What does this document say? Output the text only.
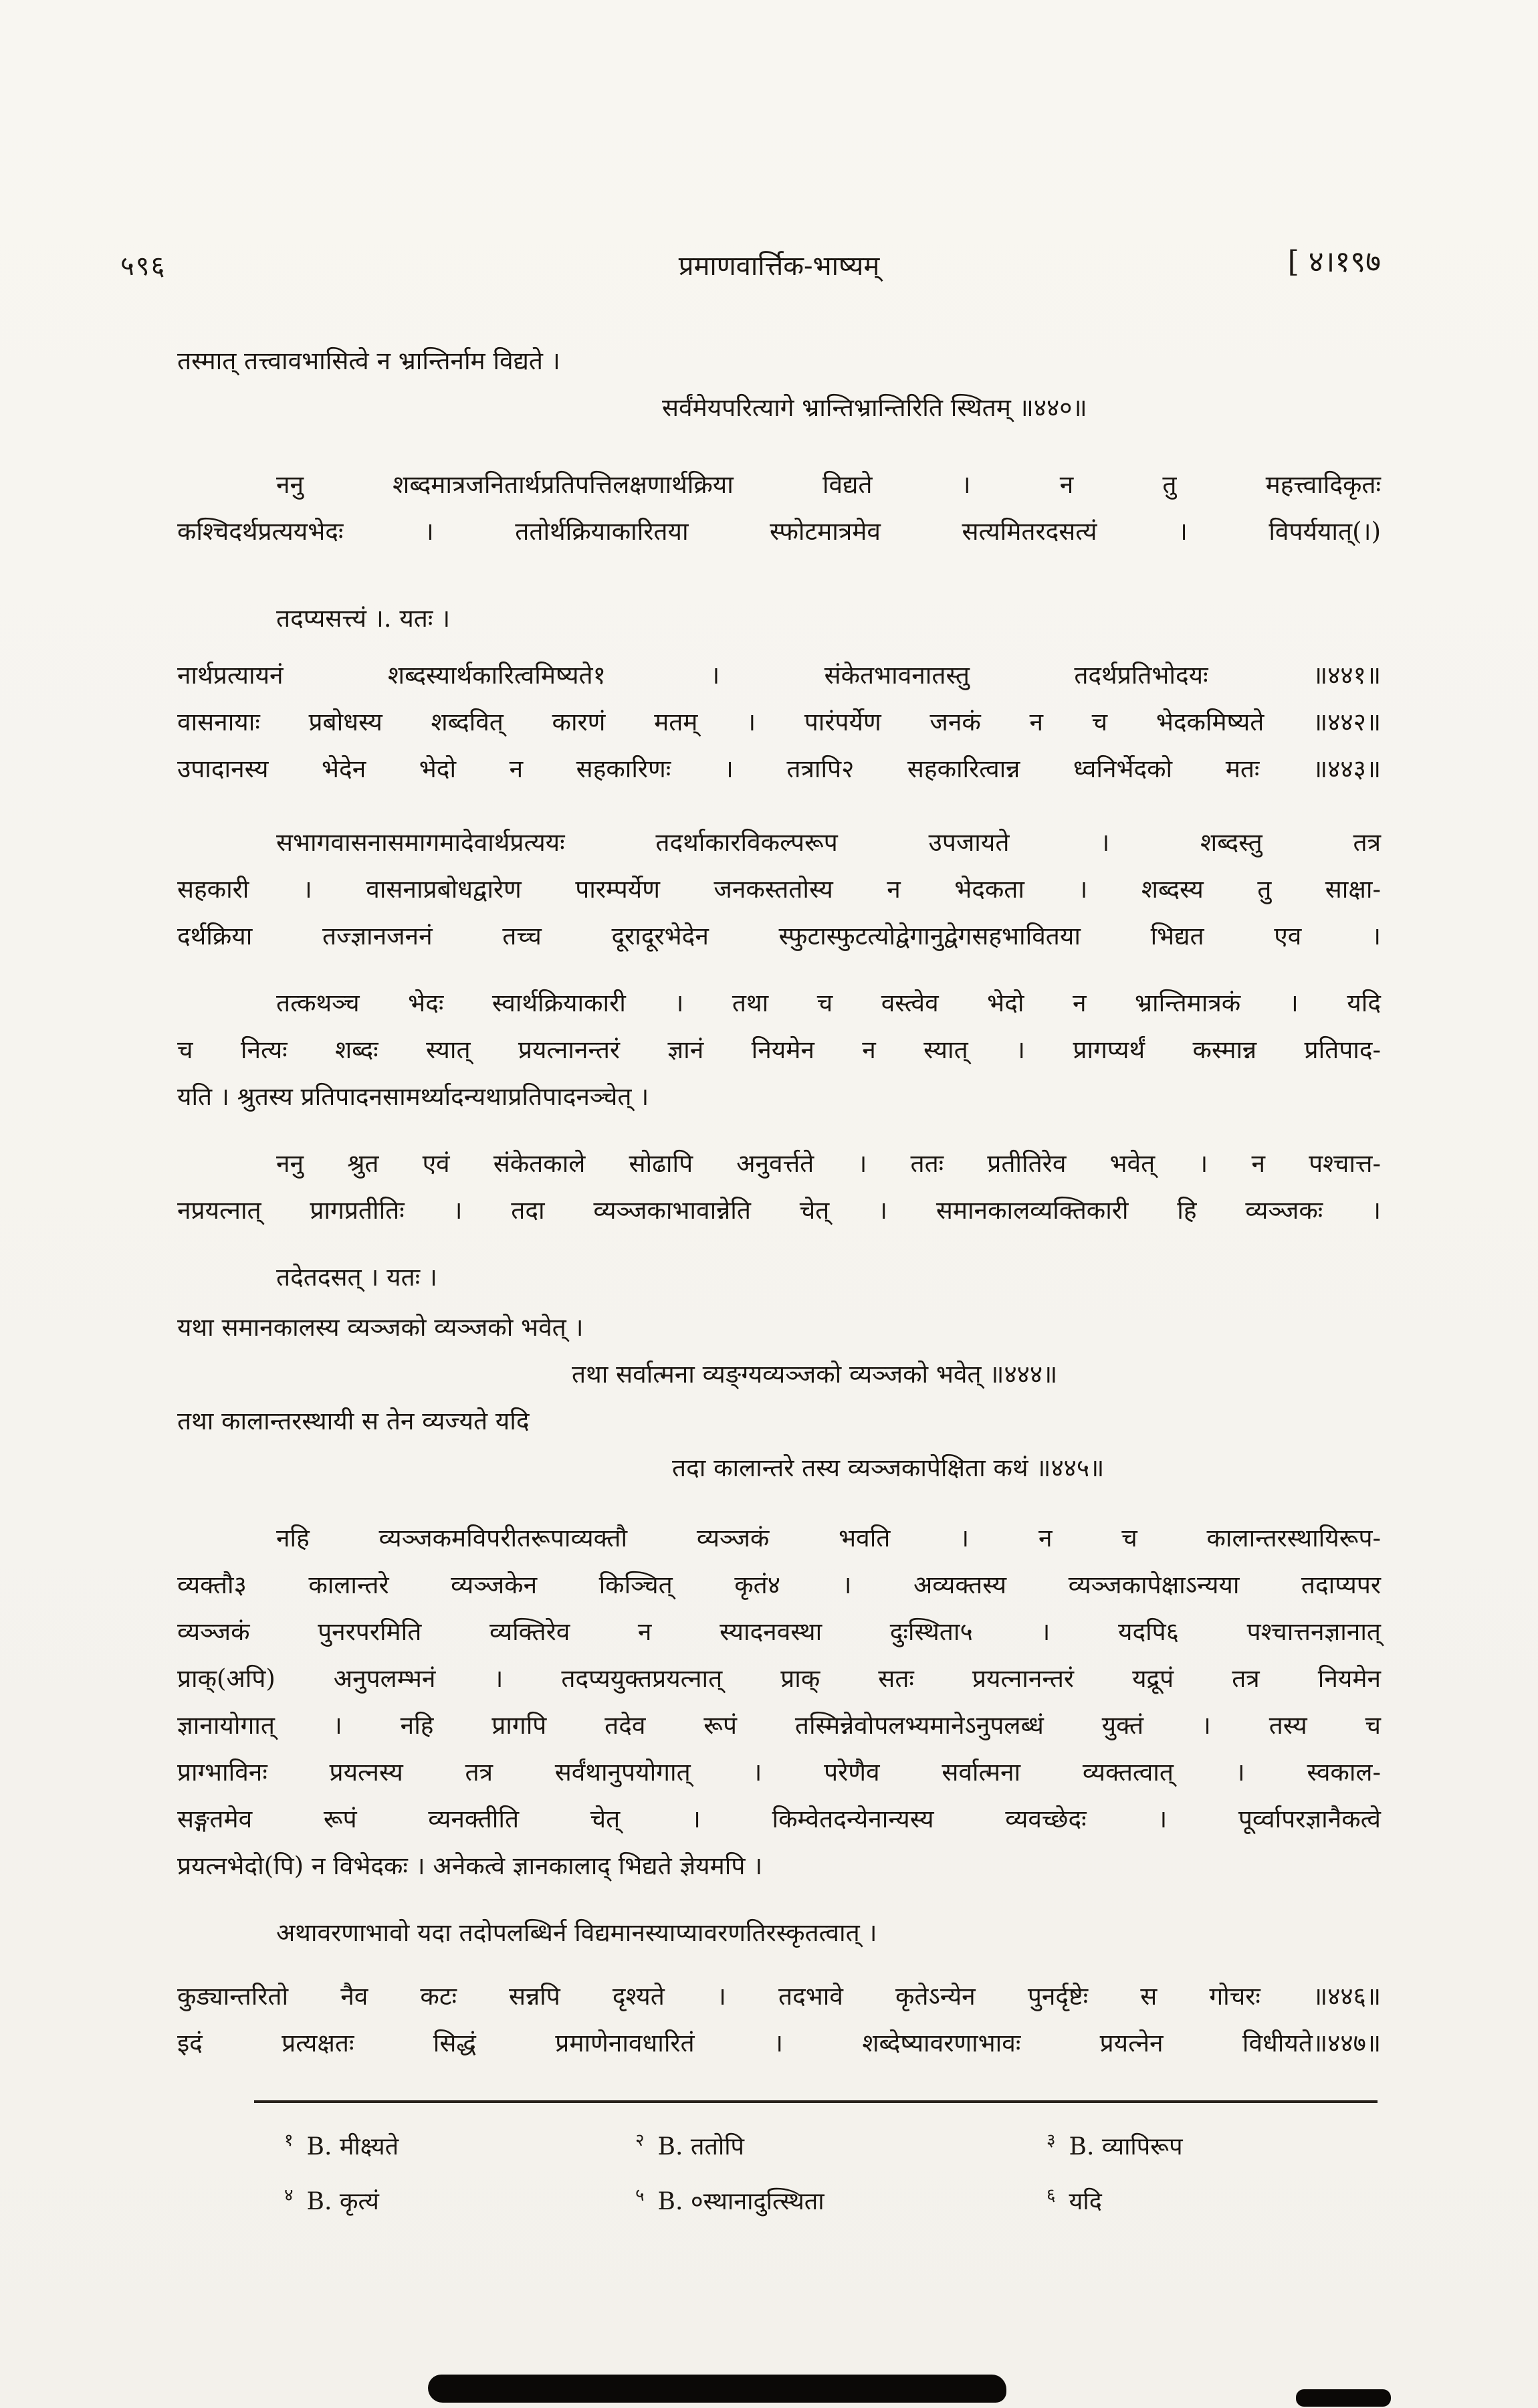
५९६	प्रमाणवार्त्तिक-भाष्यम्	[ ४।१९७
तस्मात् तत्त्वावभासित्वे न भ्रान्तिर्नाम विद्यते ।
सर्वंमेयपरित्यागे भ्रान्तिभ्रान्तिरिति स्थितम् ॥४४०॥
ननु शब्दमात्रजनितार्थप्रतिपत्तिलक्षणार्थक्रिया विद्यते । न तु महत्त्वादिकृतः
कश्चिदर्थप्रत्ययभेदः । ततोर्थक्रियाकारितया स्फोटमात्रमेव सत्यमितरदसत्यं । विपर्ययात्(।)
तदप्यसत्त्यं ।. यतः ।
नार्थप्रत्यायनं शब्दस्यार्थकारित्वमिष्यते१ । संकेतभावनातस्तु तदर्थप्रतिभोदयः ॥४४१॥
वासनायाः प्रबोधस्य शब्दवित् कारणं मतम् । पारंपर्येण जनकं न च भेदकमिष्यते ॥४४२॥
उपादानस्य भेदेन भेदो न सहकारिणः । तत्रापि२ सहकारित्वान्न ध्वनिर्भेदको मतः ॥४४३॥
सभागवासनासमागमादेवार्थप्रत्ययः तदर्थाकारविकल्परूप उपजायते । शब्दस्तु तत्र
सहकारी । वासनाप्रबोधद्वारेण पारम्पर्येण जनकस्ततोस्य न भेदकता । शब्दस्य तु साक्षा-
दर्थक्रिया तज्ज्ञानजननं तच्च दूरादूरभेदेन स्फुटास्फुटत्योद्वेगानुद्वेगसहभावितया भिद्यत एव ।
तत्कथञ्च भेदः स्वार्थक्रियाकारी । तथा च वस्त्वेव भेदो न भ्रान्तिमात्रकं । यदि
च नित्यः शब्दः स्यात् प्रयत्नानन्तरं ज्ञानं नियमेन न स्यात् । प्रागप्यर्थं कस्मान्न प्रतिपाद-
यति । श्रुतस्य प्रतिपादनसामर्थ्यादन्यथाप्रतिपादनञ्चेत् ।
ननु श्रुत एवं संकेतकाले सोढापि अनुवर्त्तते । ततः प्रतीतिरेव भवेत् । न पश्चात्त-
नप्रयत्नात् प्रागप्रतीतिः । तदा व्यञ्जकाभावान्नेति चेत् । समानकालव्यक्तिकारी हि व्यञ्जकः ।
तदेतदसत् । यतः ।
यथा समानकालस्य व्यञ्जको व्यञ्जको भवेत् ।
तथा सर्वात्मना व्यङ्ग्यव्यञ्जको व्यञ्जको भवेत् ॥४४४॥
तथा कालान्तरस्थायी स तेन व्यज्यते यदि
तदा कालान्तरे तस्य व्यञ्जकापेक्षिता कथं ॥४४५॥
नहि व्यञ्जकमविपरीतरूपाव्यक्तौ व्यञ्जकं भवति । न च कालान्तरस्थायिरूप-
व्यक्तौ३ कालान्तरे व्यञ्जकेन किञ्चित् कृतं४ । अव्यक्तस्य व्यञ्जकापेक्षाऽन्यया तदाप्यपर
व्यञ्जकं पुनरपरमिति व्यक्तिरेव न स्यादनवस्था दुःस्थिता५ । यदपि६ पश्चात्तनज्ञानात्
प्राक्(अपि) अनुपलम्भनं । तदप्ययुक्तप्रयत्नात् प्राक् सतः प्रयत्नानन्तरं यद्रूपं तत्र नियमेन
ज्ञानायोगात् । नहि प्रागपि तदेव रूपं तस्मिन्नेवोपलभ्यमानेऽनुपलब्धं युक्तं । तस्य च
प्राग्भाविनः प्रयत्नस्य तत्र सर्वंथानुपयोगात् । परेणैव सर्वात्मना व्यक्तत्वात् । स्वकाल-
सङ्गतमेव रूपं व्यनक्तीति चेत् । किम्वेतदन्येनान्यस्य व्यवच्छेदः । पूर्व्वापरज्ञानैकत्वे
प्रयत्नभेदो(पि) न विभेदकः । अनेकत्वे ज्ञानकालाद् भिद्यते ज्ञेयमपि ।
अथावरणाभावो यदा तदोपलब्धिर्न विद्यमानस्याप्यावरणतिरस्कृतत्वात् ।
कुड्यान्तरितो नैव कटः सन्नपि दृश्यते । तदभावे कृतेऽन्येन पुनर्दृष्टेः स गोचरः ॥४४६॥
इदं प्रत्यक्षतः सिद्धं प्रमाणेनावधारितं । शब्देष्यावरणाभावः प्रयत्नेन विधीयते॥४४७॥
$^१$ B. मीक्ष्यते	$^२$ B. ततोपि	$^३$ B. व्यापिरूप
$^४$ B. कृत्यं	$^५$ B. ०स्थानादुत्स्थिता	$^६$ यदि
